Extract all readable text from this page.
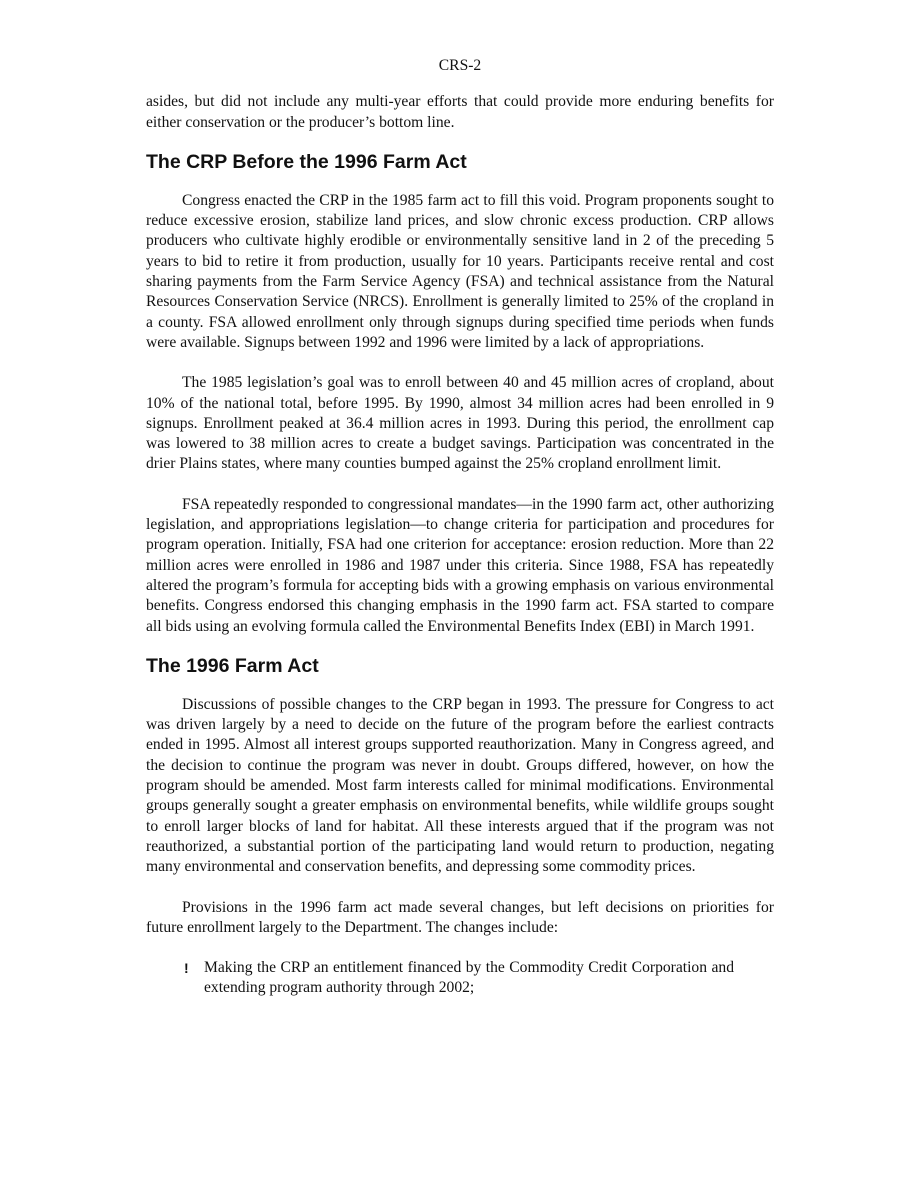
CRS-2

asides, but did not include any multi-year efforts that could provide more enduring benefits for either conservation or the producer’s bottom line.

The CRP Before the 1996 Farm Act

Congress enacted the CRP in the 1985 farm act to fill this void. Program proponents sought to reduce excessive erosion, stabilize land prices, and slow chronic excess production. CRP allows producers who cultivate highly erodible or environmentally sensitive land in 2 of the preceding 5 years to bid to retire it from production, usually for 10 years. Participants receive rental and cost sharing payments from the Farm Service Agency (FSA) and technical assistance from the Natural Resources Conservation Service (NRCS). Enrollment is generally limited to 25% of the cropland in a county. FSA allowed enrollment only through signups during specified time periods when funds were available. Signups between 1992 and 1996 were limited by a lack of appropriations.

The 1985 legislation’s goal was to enroll between 40 and 45 million acres of cropland, about 10% of the national total, before 1995. By 1990, almost 34 million acres had been enrolled in 9 signups. Enrollment peaked at 36.4 million acres in 1993. During this period, the enrollment cap was lowered to 38 million acres to create a budget savings. Participation was concentrated in the drier Plains states, where many counties bumped against the 25% cropland enrollment limit.

FSA repeatedly responded to congressional mandates—in the 1990 farm act, other authorizing legislation, and appropriations legislation—to change criteria for participation and procedures for program operation. Initially, FSA had one criterion for acceptance: erosion reduction. More than 22 million acres were enrolled in 1986 and 1987 under this criteria. Since 1988, FSA has repeatedly altered the program’s formula for accepting bids with a growing emphasis on various environmental benefits. Congress endorsed this changing emphasis in the 1990 farm act. FSA started to compare all bids using an evolving formula called the Environmental Benefits Index (EBI) in March 1991.

The 1996 Farm Act

Discussions of possible changes to the CRP began in 1993. The pressure for Congress to act was driven largely by a need to decide on the future of the program before the earliest contracts ended in 1995. Almost all interest groups supported reauthorization. Many in Congress agreed, and the decision to continue the program was never in doubt. Groups differed, however, on how the program should be amended. Most farm interests called for minimal modifications. Environmental groups generally sought a greater emphasis on environmental benefits, while wildlife groups sought to enroll larger blocks of land for habitat. All these interests argued that if the program was not reauthorized, a substantial portion of the participating land would return to production, negating many environmental and conservation benefits, and depressing some commodity prices.

Provisions in the 1996 farm act made several changes, but left decisions on priorities for future enrollment largely to the Department. The changes include:

! Making the CRP an entitlement financed by the Commodity Credit Corporation and extending program authority through 2002;
